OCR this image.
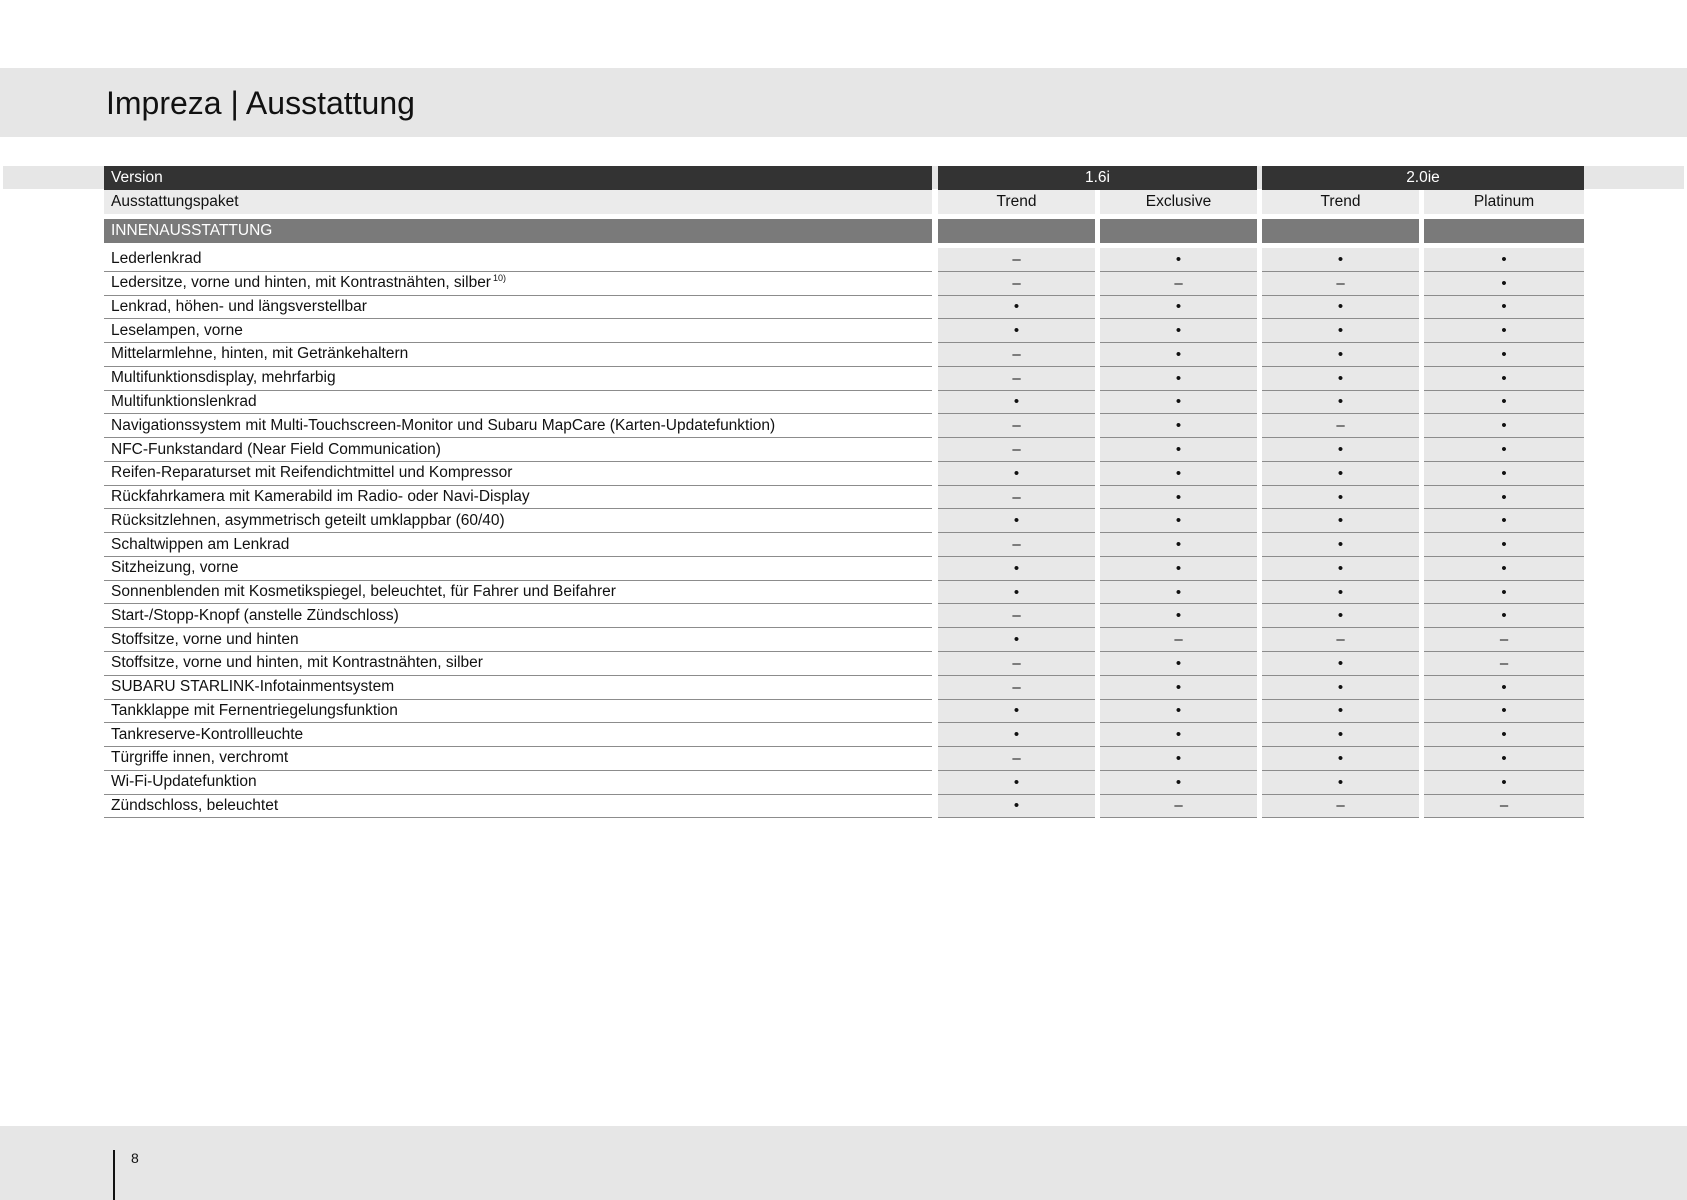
Impreza | Ausstattung
Version	1.6i	2.0ie
Ausstattungspaket	Trend	Exclusive	Trend	Platinum
INNENAUSSTATTUNG
Lederlenkrad	–	•	•	•
Ledersitze, vorne und hinten, mit Kontrastnähten, silber$^{10)}$	–	–	–	•
Lenkrad, höhen- und längsverstellbar	•	•	•	•
Leselampen, vorne	•	•	•	•
Mittelarmlehne, hinten, mit Getränkehaltern	–	•	•	•
Multifunktionsdisplay, mehrfarbig	–	•	•	•
Multifunktionslenkrad	•	•	•	•
Navigationssystem mit Multi-Touchscreen-Monitor und Subaru MapCare (Karten-Updatefunktion)	–	•	–	•
NFC-Funkstandard (Near Field Communication)	–	•	•	•
Reifen-Reparaturset mit Reifendichtmittel und Kompressor	•	•	•	•
Rückfahrkamera mit Kamerabild im Radio- oder Navi-Display	–	•	•	•
Rücksitzlehnen, asymmetrisch geteilt umklappbar (60/40)	•	•	•	•
Schaltwippen am Lenkrad	–	•	•	•
Sitzheizung, vorne	•	•	•	•
Sonnenblenden mit Kosmetikspiegel, beleuchtet, für Fahrer und Beifahrer	•	•	•	•
Start-/Stopp-Knopf (anstelle Zündschloss)	–	•	•	•
Stoffsitze, vorne und hinten	•	–	–	–
Stoffsitze, vorne und hinten, mit Kontrastnähten, silber	–	•	•	–
SUBARU STARLINK-Infotainmentsystem	–	•	•	•
Tankklappe mit Fernentriegelungsfunktion	•	•	•	•
Tankreserve-Kontrollleuchte	•	•	•	•
Türgriffe innen, verchromt	–	•	•	•
Wi-Fi-Updatefunktion	•	•	•	•
Zündschloss, beleuchtet	•	–	–	–
8
